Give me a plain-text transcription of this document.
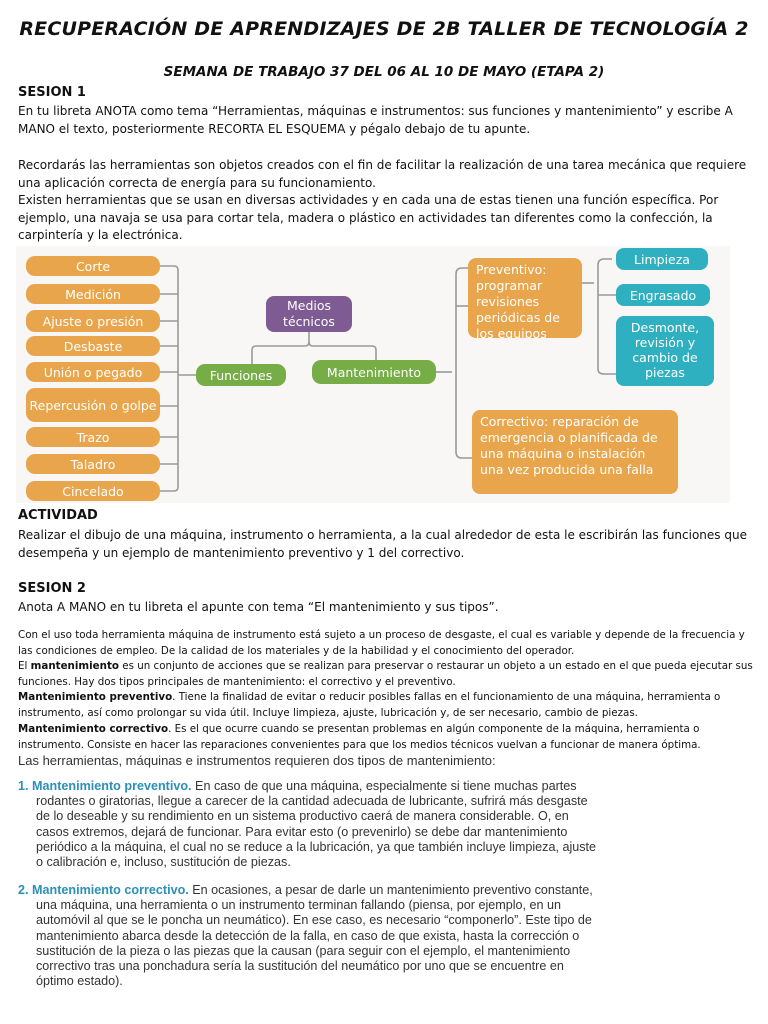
RECUPERACIÓN DE APRENDIZAJES DE 2B TALLER DE TECNOLOGÍA 2
SEMANA DE TRABAJO 37 DEL 06 AL 10 DE MAYO (ETAPA 2)
SESION 1

En tu libreta ANOTA como tema “Herramientas, máquinas e instrumentos: sus funciones y mantenimiento” y escribe A MANO el texto, posteriormente RECORTA EL ESQUEMA y pégalo debajo de tu apunte.

Recordarás las herramientas son objetos creados con el fin de facilitar la realización de una tarea mecánica que requiere una aplicación correcta de energía para su funcionamiento.

Existen herramientas que se usan en diversas actividades y en cada una de estas tienen una función específica. Por ejemplo, una navaja se usa para cortar tela, madera o plástico en actividades tan diferentes como la confección, la carpintería y la electrónica.

Corte
Medición
Ajuste o presión
Desbaste
Unión o pegado
Repercusión o golpe
Trazo
Taladro
Cincelado
Medios técnicos
Funciones	Mantenimiento
Preventivo: programar revisiones periódicas de los equipos
Correctivo: reparación de emergencia o planificada de una máquina o instalación una vez producida una falla
Limpieza
Engrasado
Desmonte, revisión y cambio de piezas
ACTIVIDAD

Realizar el dibujo de una máquina, instrumento o herramienta, a la cual alrededor de esta le escribirán las funciones que desempeña y un ejemplo de mantenimiento preventivo y 1 del correctivo.

SESION 2

Anota A MANO en tu libreta el apunte con tema “El mantenimiento y sus tipos”.

Con el uso toda herramienta máquina de instrumento está sujeto a un proceso de desgaste, el cual es variable y depende de la frecuencia y las condiciones de empleo. De la calidad de los materiales y de la habilidad y el conocimiento del operador.

El mantenimiento es un conjunto de acciones que se realizan para preservar o restaurar un objeto a un estado en el que pueda ejecutar sus funciones. Hay dos tipos principales de mantenimiento: el correctivo y el preventivo.

Mantenimiento preventivo. Tiene la finalidad de evitar o reducir posibles fallas en el funcionamiento de una máquina, herramienta o instrumento, así como prolongar su vida útil. Incluye limpieza, ajuste, lubricación y, de ser necesario, cambio de piezas.

Mantenimiento correctivo. Es el que ocurre cuando se presentan problemas en algún componente de la máquina, herramienta o instrumento. Consiste en hacer las reparaciones convenientes para que los medios técnicos vuelvan a funcionar de manera óptima.

Las herramientas, máquinas e instrumentos requieren dos tipos de mantenimiento:

1. Mantenimiento preventivo. En caso de que una máquina, especialmente si tiene muchas partes rodantes o giratorias, llegue a carecer de la cantidad adecuada de lubricante, sufrirá más desgaste de lo deseable y su rendimiento en un sistema productivo caerá de manera considerable. O, en casos extremos, dejará de funcionar. Para evitar esto (o prevenirlo) se debe dar mantenimiento periódico a la máquina, el cual no se reduce a la lubricación, ya que también incluye limpieza, ajuste o calibración e, incluso, sustitución de piezas.

2. Mantenimiento correctivo. En ocasiones, a pesar de darle un mantenimiento preventivo constante, una máquina, una herramienta o un instrumento terminan fallando (piensa, por ejemplo, en un automóvil al que se le poncha un neumático). En ese caso, es necesario “componerlo”. Este tipo de mantenimiento abarca desde la detección de la falla, en caso de que exista, hasta la corrección o sustitución de la pieza o las piezas que la causan (para seguir con el ejemplo, el mantenimiento correctivo tras una ponchadura sería la sustitución del neumático por uno que se encuentre en óptimo estado).
